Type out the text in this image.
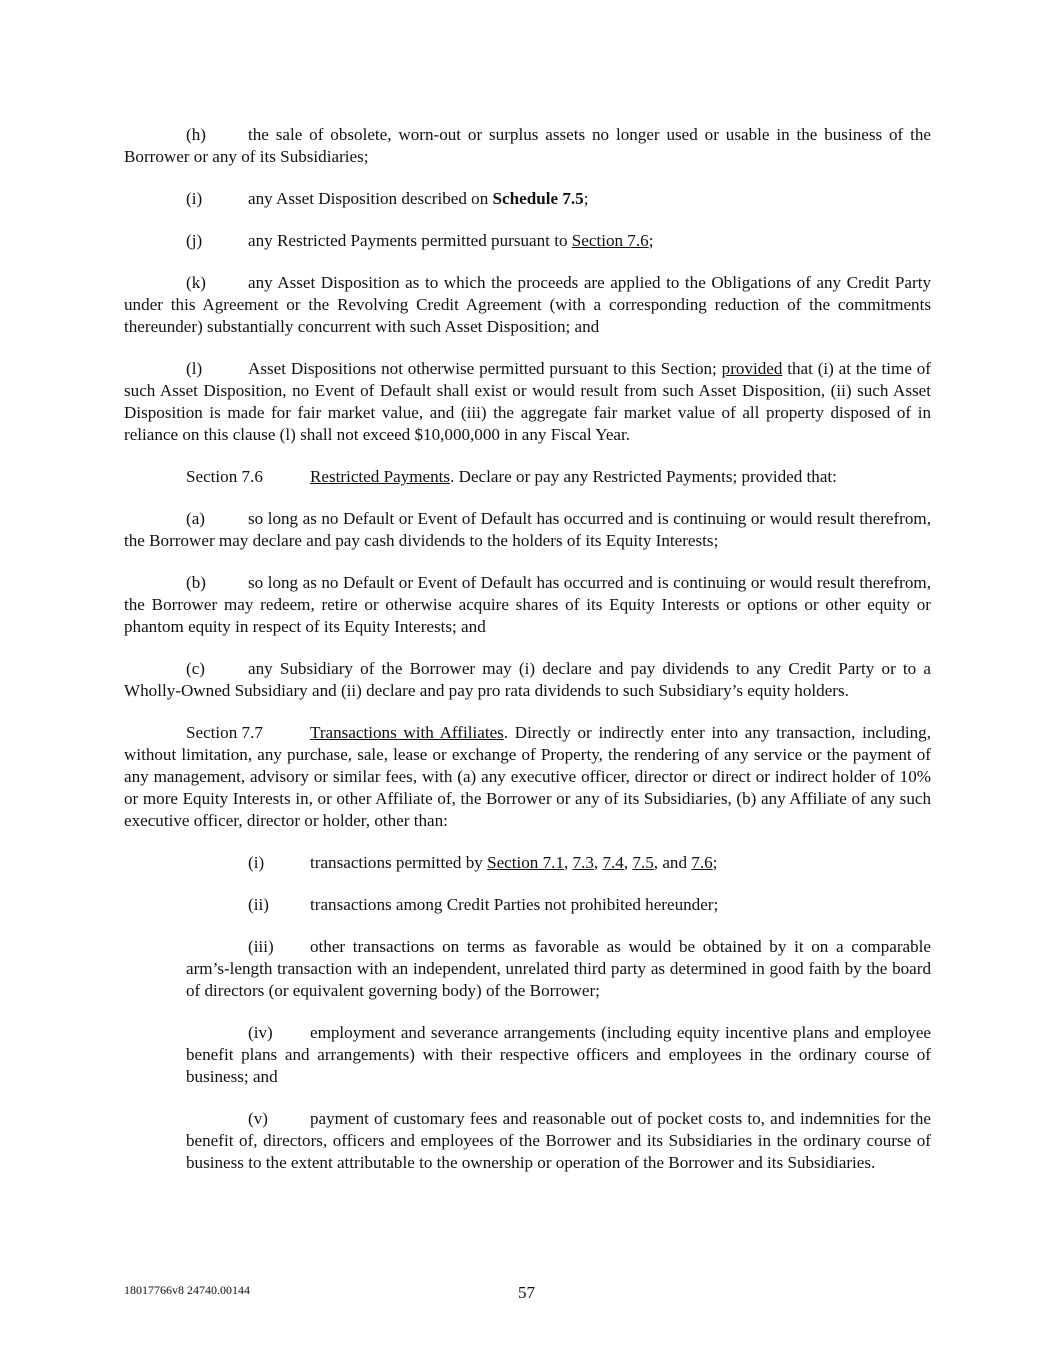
(h) the sale of obsolete, worn-out or surplus assets no longer used or usable in the business of the Borrower or any of its Subsidiaries;

(i)	any Asset Disposition described on Schedule 7.5;

(j)	any Restricted Payments permitted pursuant to Section 7.6;

(k) any Asset Disposition as to which the proceeds are applied to the Obligations of any Credit Party under this Agreement or the Revolving Credit Agreement (with a corresponding reduction of the commitments thereunder) substantially concurrent with such Asset Disposition; and

(l)	Asset Dispositions not otherwise permitted pursuant to this Section; provided that (i) at the time of such Asset Disposition, no Event of Default shall exist or would result from such Asset Disposition, (ii) such Asset Disposition is made for fair market value, and (iii) the aggregate fair market value of all property disposed of in reliance on this clause (l) shall not exceed $10,000,000 in any Fiscal Year.

Section 7.6	Restricted Payments. Declare or pay any Restricted Payments; provided that:

(a)	so long as no Default or Event of Default has occurred and is continuing or would result therefrom, the Borrower may declare and pay cash dividends to the holders of its Equity Interests;

(b) so long as no Default or Event of Default has occurred and is continuing or would result therefrom, the Borrower may redeem, retire or otherwise acquire shares of its Equity Interests or options or other equity or phantom equity in respect of its Equity Interests; and

(c)	any Subsidiary of the Borrower may (i) declare and pay dividends to any Credit Party or to a Wholly-Owned Subsidiary and (ii) declare and pay pro rata dividends to such Subsidiary’s equity holders.

Section 7.7	Transactions with Affiliates. Directly or indirectly enter into any transaction, including, without limitation, any purchase, sale, lease or exchange of Property, the rendering of any service or the payment of any management, advisory or similar fees, with (a) any executive officer, director or direct or indirect holder of 10% or more Equity Interests in, or other Affiliate of, the Borrower or any of its Subsidiaries, (b) any Affiliate of any such executive officer, director or holder, other than:

(i)	transactions permitted by Section 7.1, 7.3, 7.4, 7.5, and 7.6;

(ii) transactions among Credit Parties not prohibited hereunder;

(iii) other transactions on terms as favorable as would be obtained by it on a comparable arm’s-length transaction with an independent, unrelated third party as determined in good faith by the board of directors (or equivalent governing body) of the Borrower;

(iv) employment and severance arrangements (including equity incentive plans and employee benefit plans and arrangements) with their respective officers and employees in the ordinary course of business; and

(v) payment of customary fees and reasonable out of pocket costs to, and indemnities for the benefit of, directors, officers and employees of the Borrower and its Subsidiaries in the ordinary course of business to the extent attributable to the ownership or operation of the Borrower and its Subsidiaries.

18017766v8 24740.00144	57
